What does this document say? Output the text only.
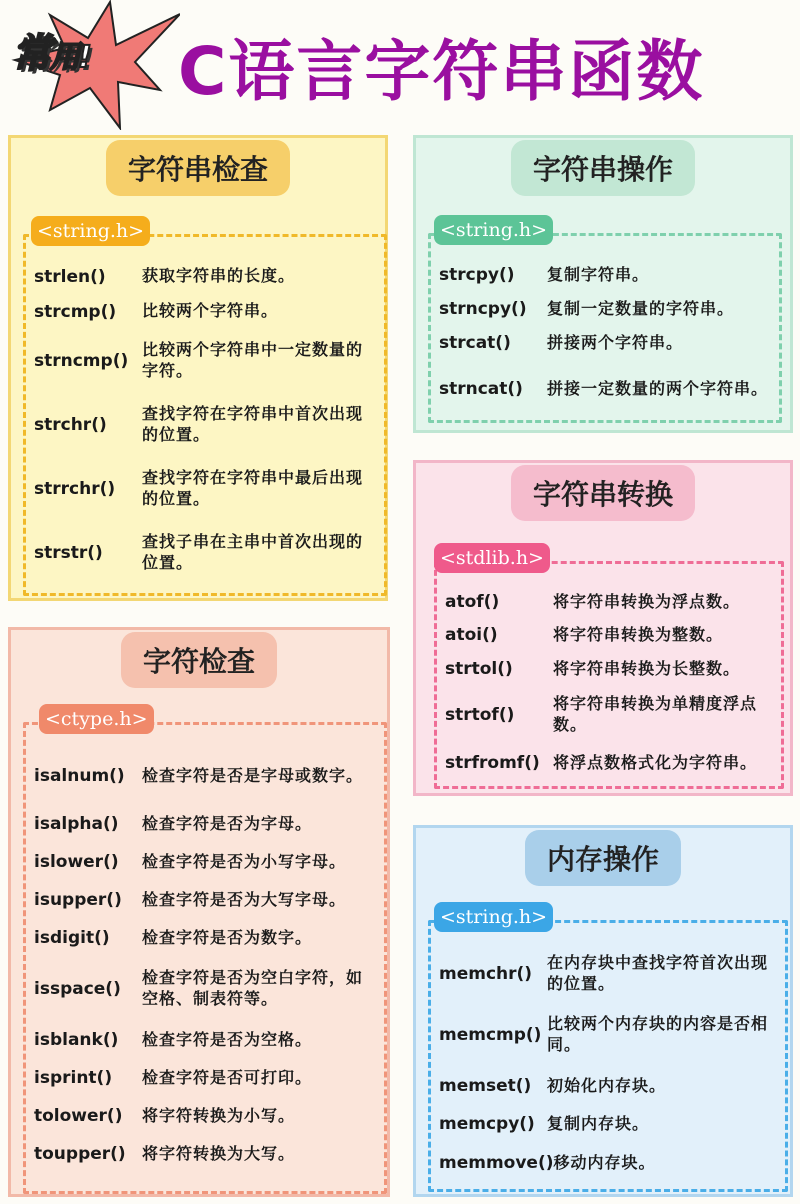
常用! C语言字符串函数
字符串检查
<string.h>
strlen()	获取字符串的长度。
strcmp()	比较两个字符串。
strncmp()
比较两个字符串中一定数量的字符。
strchr()
查找字符在字符串中首次出现的位置。
strrchr()
查找字符在字符串中最后出现的位置。
strstr()
查找子串在主串中首次出现的位置。
字符串操作
<string.h>
strcpy()	复制字符串。
strncpy()	复制一定数量的字符串。
strcat()	拼接两个字符串。
strncat()	拼接一定数量的两个字符串。
字符串转换
<stdlib.h>
atof()	将字符串转换为浮点数。
atoi()	将字符串转换为整数。
strtol()	将字符串转换为长整数。
strtof()
将字符串转换为单精度浮点数。
strfromf() 将浮点数格式化为字符串。
字符检查
<ctype.h>
isalnum()	检查字符是否是字母或数字。
isalpha()	检查字符是否为字母。
islower()	检查字符是否为小写字母。
isupper()	检查字符是否为大写字母。
isdigit()	检查字符是否为数字。
isspace()
检查字符是否为空白字符，如空格、制表符等。
isblank()	检查字符是否为空格。
isprint()	检查字符是否可打印。
tolower()	将字符转换为小写。
toupper()	将字符转换为大写。
内存操作
<string.h>
memchr()
在内存块中查找字符首次出现的位置。
memcmp()
比较两个内存块的内容是否相同。
memset() 初始化内存块。
memcpy() 复制内存块。
memmove() 移动内存块。
